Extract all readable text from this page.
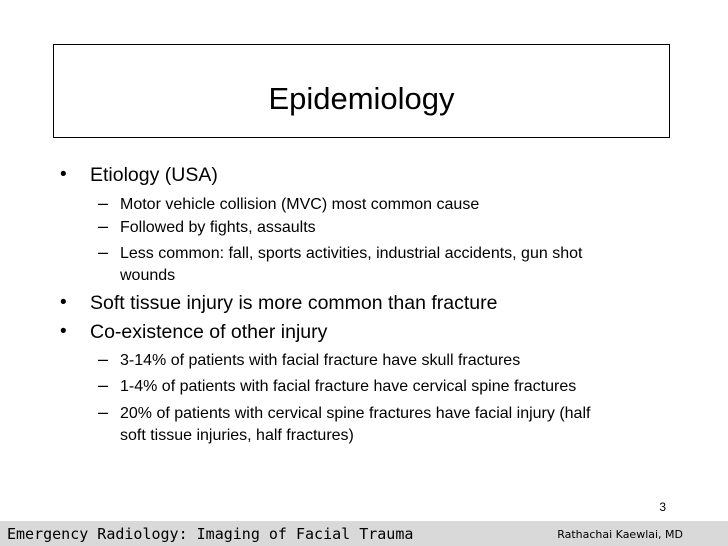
Epidemiology
• Etiology (USA)
– Motor vehicle collision (MVC) most common cause
– Followed by fights, assaults
– Less common: fall, sports activities, industrial accidents, gun shot
wounds
• Soft tissue injury is more common than fracture
• Co-existence of other injury
– 3-14% of patients with facial fracture have skull fractures
– 1-4% of patients with facial fracture have cervical spine fractures
– 20% of patients with cervical spine fractures have facial injury (half
soft tissue injuries, half fractures)
3
Emergency Radiology: Imaging of Facial Trauma	Rathachai Kaewlai, MD
